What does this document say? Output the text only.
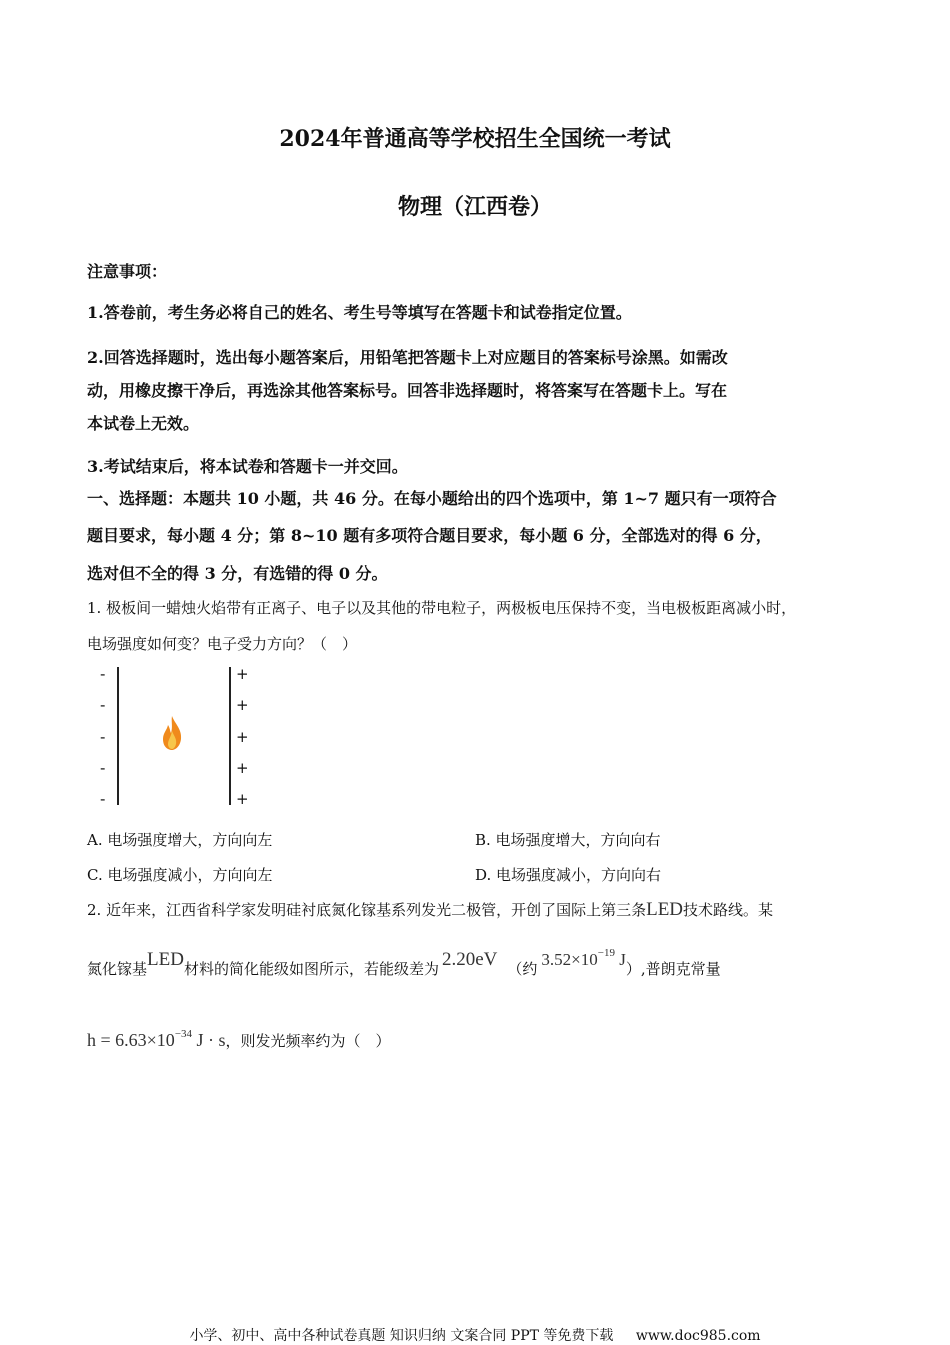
2024年普通高等学校招生全国统一考试
物理（江西卷）
注意事项：
1.答卷前，考生务必将自己的姓名、考生号等填写在答题卡和试卷指定位置。
2.回答选择题时，选出每小题答案后，用铅笔把答题卡上对应题目的答案标号涂黑。如需改
动，用橡皮擦干净后，再选涂其他答案标号。回答非选择题时，将答案写在答题卡上。写在
本试卷上无效。
3.考试结束后，将本试卷和答题卡一并交回。
一、选择题：本题共 10 小题，共 46 分。在每小题给出的四个选项中，第 1~7 题只有一项符合
题目要求，每小题 4 分；第 8~10 题有多项符合题目要求，每小题 6 分，全部选对的得 6 分，
选对但不全的得 3 分，有选错的得 0 分。
1. 极板间一蜡烛火焰带有正离子、电子以及其他的带电粒子，两极板电压保持不变，当电极板距离减小时，
电场强度如何变？电子受力方向？（　）
-
-
-
-
-
+
+
+
+
+
A. 电场强度增大，方向向左	B. 电场强度增大，方向向右
C. 电场强度减小，方向向左	D. 电场强度减小，方向向右
2. 近年来，江西省科学家发明硅衬底氮化镓基系列发光二极管，开创了国际上第三条LED技术路线。某
氮化镓基LED材料的简化能级如图所示，若能级差为 2.20eV （约 $3.52\times 10^{-19}$ J）,普朗克常量
$h = 6.63\times 10^{-34}$ J · s，则发光频率约为（　）
小学、初中、高中各种试卷真题 知识归纳 文案合同 PPT 等免费下载 www.doc985.com
